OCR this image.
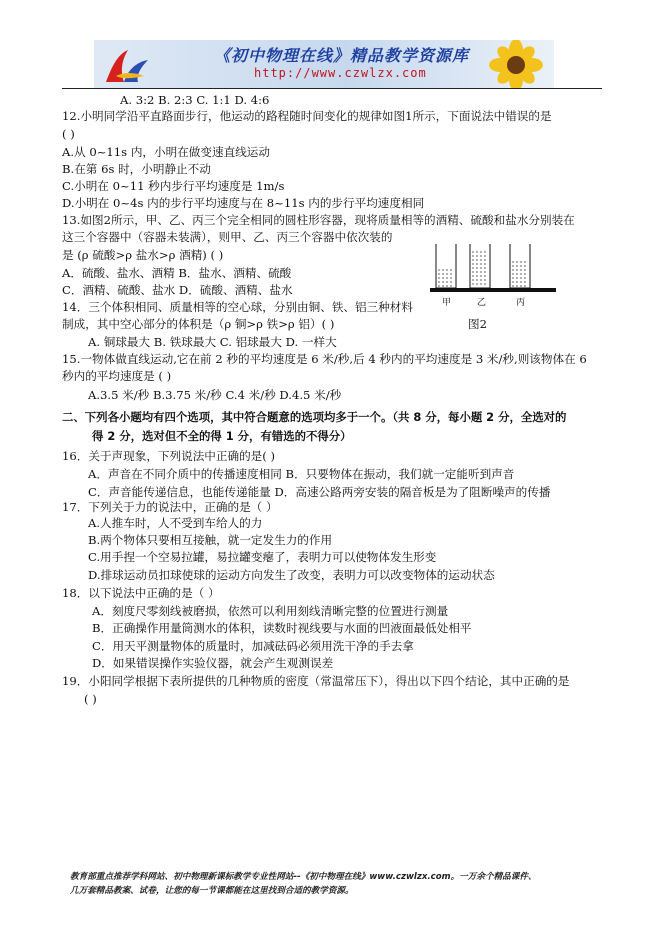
《初中物理在线》精品教学资源库
http://www.czwlzx.com
A. 3:2 B. 2:3 C. 1:1 D. 4:6
12.小明同学沿平直路面步行，他运动的路程随时间变化的规律如图1所示，下面说法中错误的是
( )
A.从 0~11s 内，小明在做变速直线运动
B.在第 6s 时，小明静止不动
C.小明在 0~11 秒内步行平均速度是 1m/s
D.小明在 0~4s 内的步行平均速度与在 8~11s 内的步行平均速度相同
13.如图2所示，甲、乙、丙三个完全相同的圆柱形容器，现将质量相等的酒精、硫酸和盐水分别装在
这三个容器中（容器未装满），则甲、乙、丙三个容器中依次装的
是 (ρ 硫酸>ρ 盐水>ρ 酒精) ( )
A．硫酸、盐水、酒精 B．盐水、酒精、硫酸
C．酒精、硫酸、盐水 D．硫酸、酒精、盐水
14．三个体积相同、质量相等的空心球，分别由铜、铁、铝三种材料
制成，其中空心部分的体积是（ρ 铜>ρ 铁>ρ 铝）( )
A. 铜球最大 B. 铁球最大 C. 铝球最大 D. 一样大
15.一物体做直线运动,它在前 2 秒的平均速度是 6 米/秒,后 4 秒内的平均速度是 3 米/秒,则该物体在 6
秒内的平均速度是 ( )
A.3.5 米/秒 B.3.75 米/秒 C.4 米/秒 D.4.5 米/秒
二、下列各小题均有四个选项，其中符合题意的选项均多于一个。（共 8 分，每小题 2 分，全选对的
得 2 分，选对但不全的得 1 分，有错选的不得分）
16．关于声现象，下列说法中正确的是( )
A．声音在不同介质中的传播速度相同 B．只要物体在振动，我们就一定能听到声音
C．声音能传递信息，也能传递能量 D．高速公路两旁安装的隔音板是为了阻断噪声的传播
17．下列关于力的说法中，正确的是（ ）
A.人推车时，人不受到车给人的力
B.两个物体只要相互接触，就一定发生力的作用
C.用手捏一个空易拉罐，易拉罐变瘪了，表明力可以使物体发生形变
D.排球运动员扣球使球的运动方向发生了改变，表明力可以改变物体的运动状态
18．以下说法中正确的是（ ）
A．刻度尺零刻线被磨损，依然可以利用刻线清晰完整的位置进行测量
B．正确操作用量筒测水的体积，读数时视线要与水面的凹液面最低处相平
C．用天平测量物体的质量时，加减砝码必须用洗干净的手去拿
D．如果错误操作实验仪器，就会产生观测误差
19．小阳同学根据下表所提供的几种物质的密度（常温常压下），得出以下四个结论，其中正确的是
( )
甲	乙	丙
图2
教育部重点推荐学科网站、初中物理新课标教学专业性网站--《初中物理在线》www.czwlzx.com。一万余个精品课件、
几万套精品教案、试卷，让您的每一节课都能在这里找到合适的教学资源。
